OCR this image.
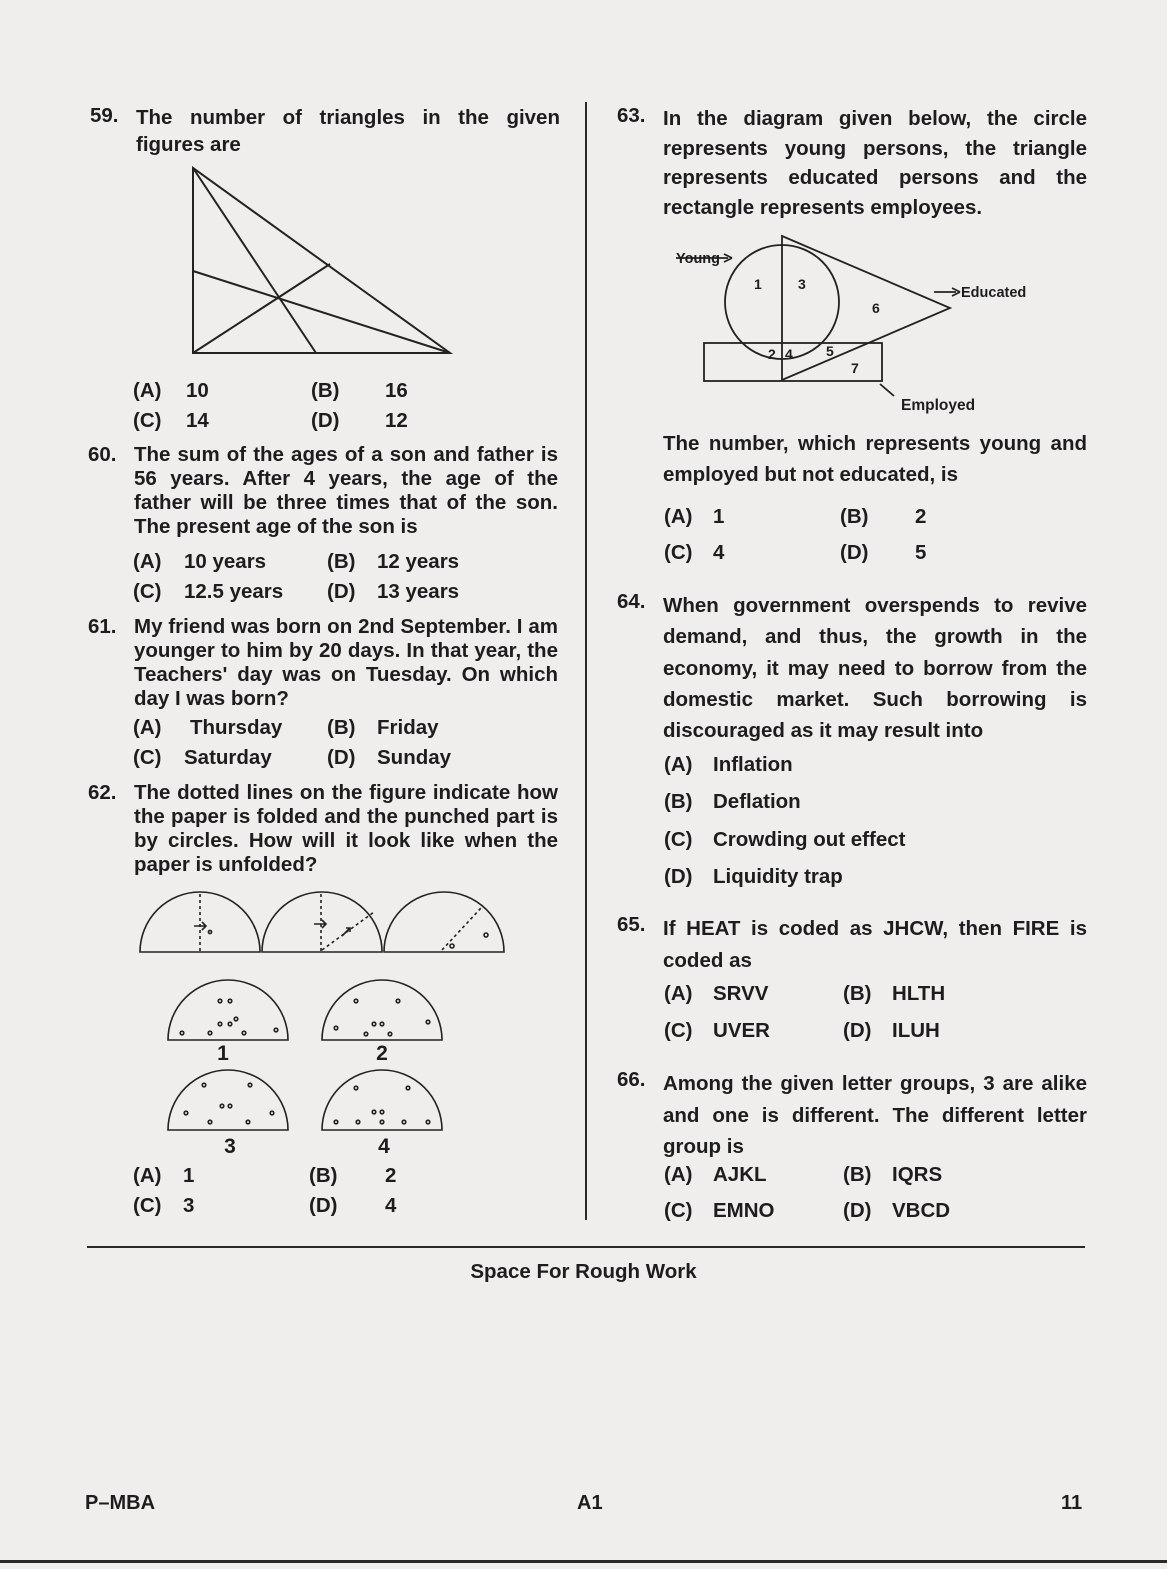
59. The number of triangles in the given figures are
(A) 10	(B) 16
(C) 14	(D) 12
60. The sum of the ages of a son and father is 56 years. After 4 years, the age of the father will be three times that of the son. The present age of the son is
(A) 10 years	(B) 12 years
(C) 12.5 years (D) 13 years
61. My friend was born on 2nd September. I am younger to him by 20 days. In that year, the Teachers' day was on Tuesday. On which day I was born?
(A) Thursday (B) Friday
(C) Saturday	(D) Sunday
62. The dotted lines on the figure indicate how the paper is folded and the punched part is by circles. How will it look like when the paper is unfolded?
1	2
3	4
(A) 1	(B) 2
(C) 3	(D) 4
63. In the diagram given below, the circle represents young persons, the triangle represents educated persons and the rectangle represents employees.
Young
Educated
Employed
1
2
3
4 5
6
7
The number, which represents young and employed but not educated, is
(A) 1	(B) 2
(C) 4	(D) 5
64. When government overspends to revive demand, and thus, the growth in the economy, it may need to borrow from the domestic market. Such borrowing is discouraged as it may result into
(A) Inflation
(B) Deflation
(C) Crowding out effect
(D) Liquidity trap
65. If HEAT is coded as JHCW, then FIRE is coded as
(A) SRVV	(B) HLTH
(C) UVER	(D) ILUH
66. Among the given letter groups, 3 are alike and one is different. The different letter group is
(A) AJKL	(B) IQRS
(C) EMNO	(D) VBCD
Space For Rough Work
P–MBA	A1	11
